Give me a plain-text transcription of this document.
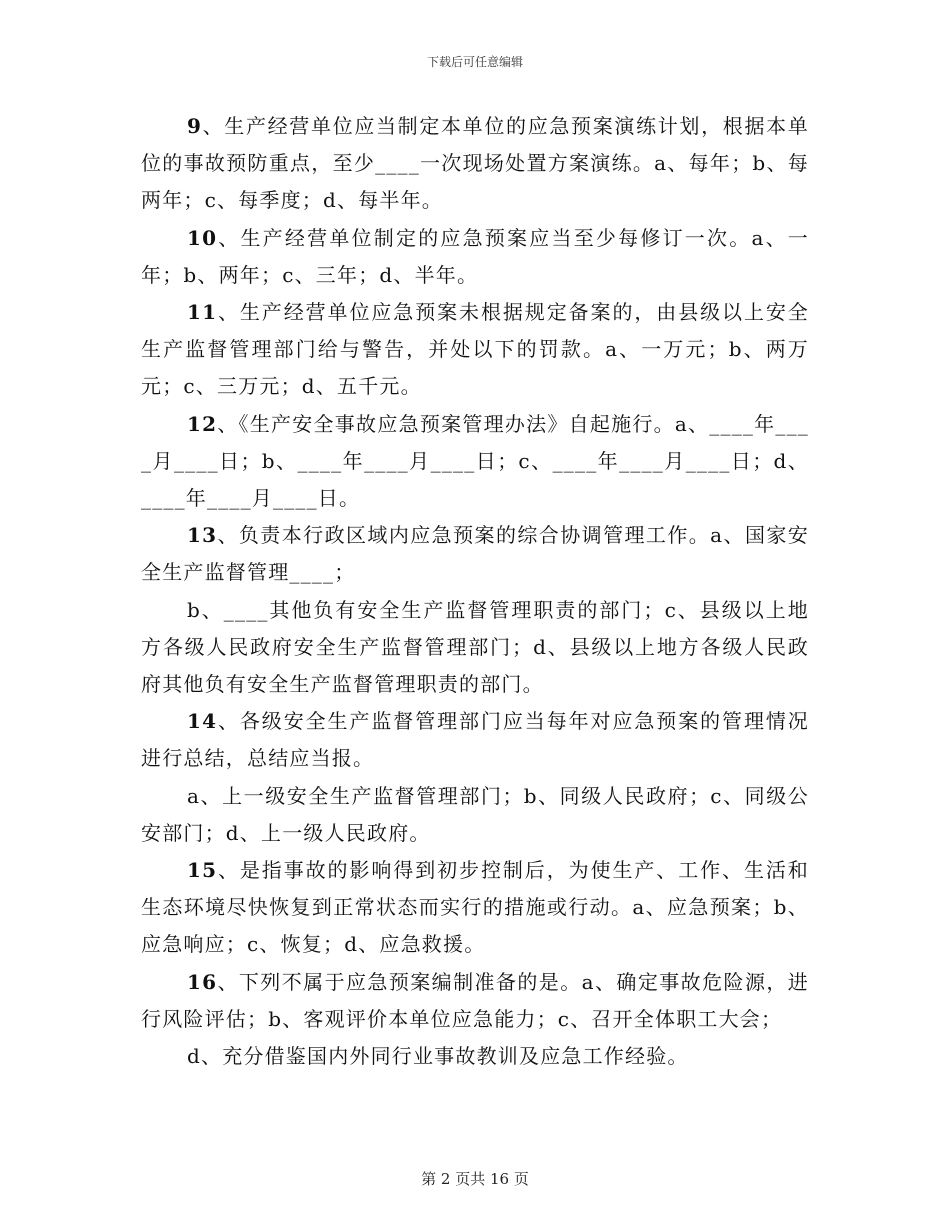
下载后可任意编辑

9、生产经营单位应当制定本单位的应急预案演练计划，根据本单位的事故预防重点，至少____一次现场处置方案演练。a、每年；b、每两年；c、每季度；d、每半年。

10、生产经营单位制定的应急预案应当至少每修订一次。a、一年；b、两年；c、三年；d、半年。

11、生产经营单位应急预案未根据规定备案的，由县级以上安全生产监督管理部门给与警告，并处以下的罚款。a、一万元；b、两万元；c、三万元；d、五千元。

12、《生产安全事故应急预案管理办法》自起施行。a、____年____月____日；b、____年____月____日；c、____年____月____日；d、____年____月____日。

13、负责本行政区域内应急预案的综合协调管理工作。a、国家安全生产监督管理____；

b、____其他负有安全生产监督管理职责的部门；c、县级以上地方各级人民政府安全生产监督管理部门；d、县级以上地方各级人民政府其他负有安全生产监督管理职责的部门。

14、各级安全生产监督管理部门应当每年对应急预案的管理情况进行总结，总结应当报。

a、上一级安全生产监督管理部门；b、同级人民政府；c、同级公安部门；d、上一级人民政府。

15、是指事故的影响得到初步控制后，为使生产、工作、生活和生态环境尽快恢复到正常状态而实行的措施或行动。a、应急预案；b、应急响应；c、恢复；d、应急救援。

16、下列不属于应急预案编制准备的是。a、确定事故危险源，进行风险评估；b、客观评价本单位应急能力；c、召开全体职工大会；

d、充分借鉴国内外同行业事故教训及应急工作经验。

第 2 页共 16 页
